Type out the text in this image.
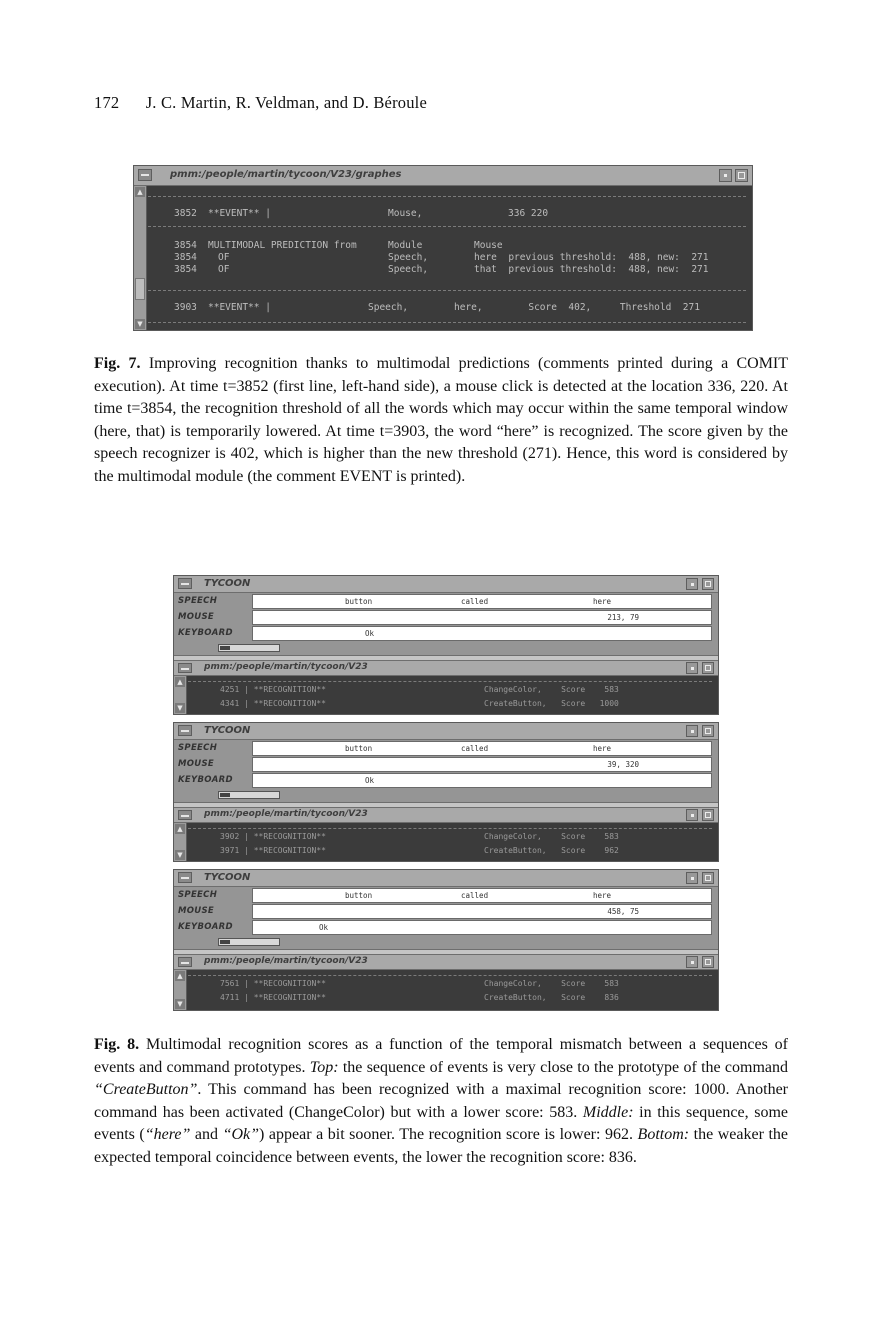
172 J. C. Martin, R. Veldman, and D. Béroule
pmm:/people/martin/tycoon/V23/graphes
▲
▼
3852 **EVENT** |	Mouse,	336 220
3854 MULTIMODAL PREDICTION from	Module	Mouse
3854 OF	Speech,	here  previous threshold:  488, new:  271
3854 OF	Speech,	that  previous threshold:  488, new:  271
3903 **EVENT** |	Speech,	here,        Score  402,     Threshold  271
Fig. 7. Improving recognition thanks to multimodal predictions (comments printed during a COMIT execution). At time t=3852 (first line, left-hand side), a mouse click is detected at the location 336, 220. At time t=3854, the recognition threshold of all the words which may occur within the same temporal window (here, that) is temporarily lowered. At time t=3903, the word “here” is recognized. The score given by the speech recognizer is 402, which is higher than the new threshold (271). Hence, this word is considered by the multimodal module (the comment EVENT is printed).
TYCOON
SPEECH	button	called	here
MOUSE	213, 79
KEYBOARD	Ok
pmm:/people/martin/tycoon/V23
▲
▼
4251 | **RECOGNITION**	ChangeColor,    Score    583
4341 | **RECOGNITION**	CreateButton,   Score   1000
TYCOON
SPEECH	button	called	here
MOUSE	39, 320
KEYBOARD	Ok
pmm:/people/martin/tycoon/V23
▲
▼
3902 | **RECOGNITION**	ChangeColor,    Score    583
3971 | **RECOGNITION**	CreateButton,   Score    962
TYCOON
SPEECH	button	called	here
MOUSE	458, 75
KEYBOARD	Ok
pmm:/people/martin/tycoon/V23
▲
▼
7561 | **RECOGNITION**	ChangeColor,    Score    583
4711 | **RECOGNITION**	CreateButton,   Score    836
Fig. 8. Multimodal recognition scores as a function of the temporal mismatch between a sequences of events and command prototypes. Top: the sequence of events is very close to the prototype of the command “CreateButton”. This command has been recognized with a maximal recognition score: 1000. Another command has been activated (ChangeColor) but with a lower score: 583. Middle: in this sequence, some events (“here” and “Ok”) appear a bit sooner. The recognition score is lower: 962. Bottom: the weaker the expected temporal coincidence between events, the lower the recognition score: 836.
